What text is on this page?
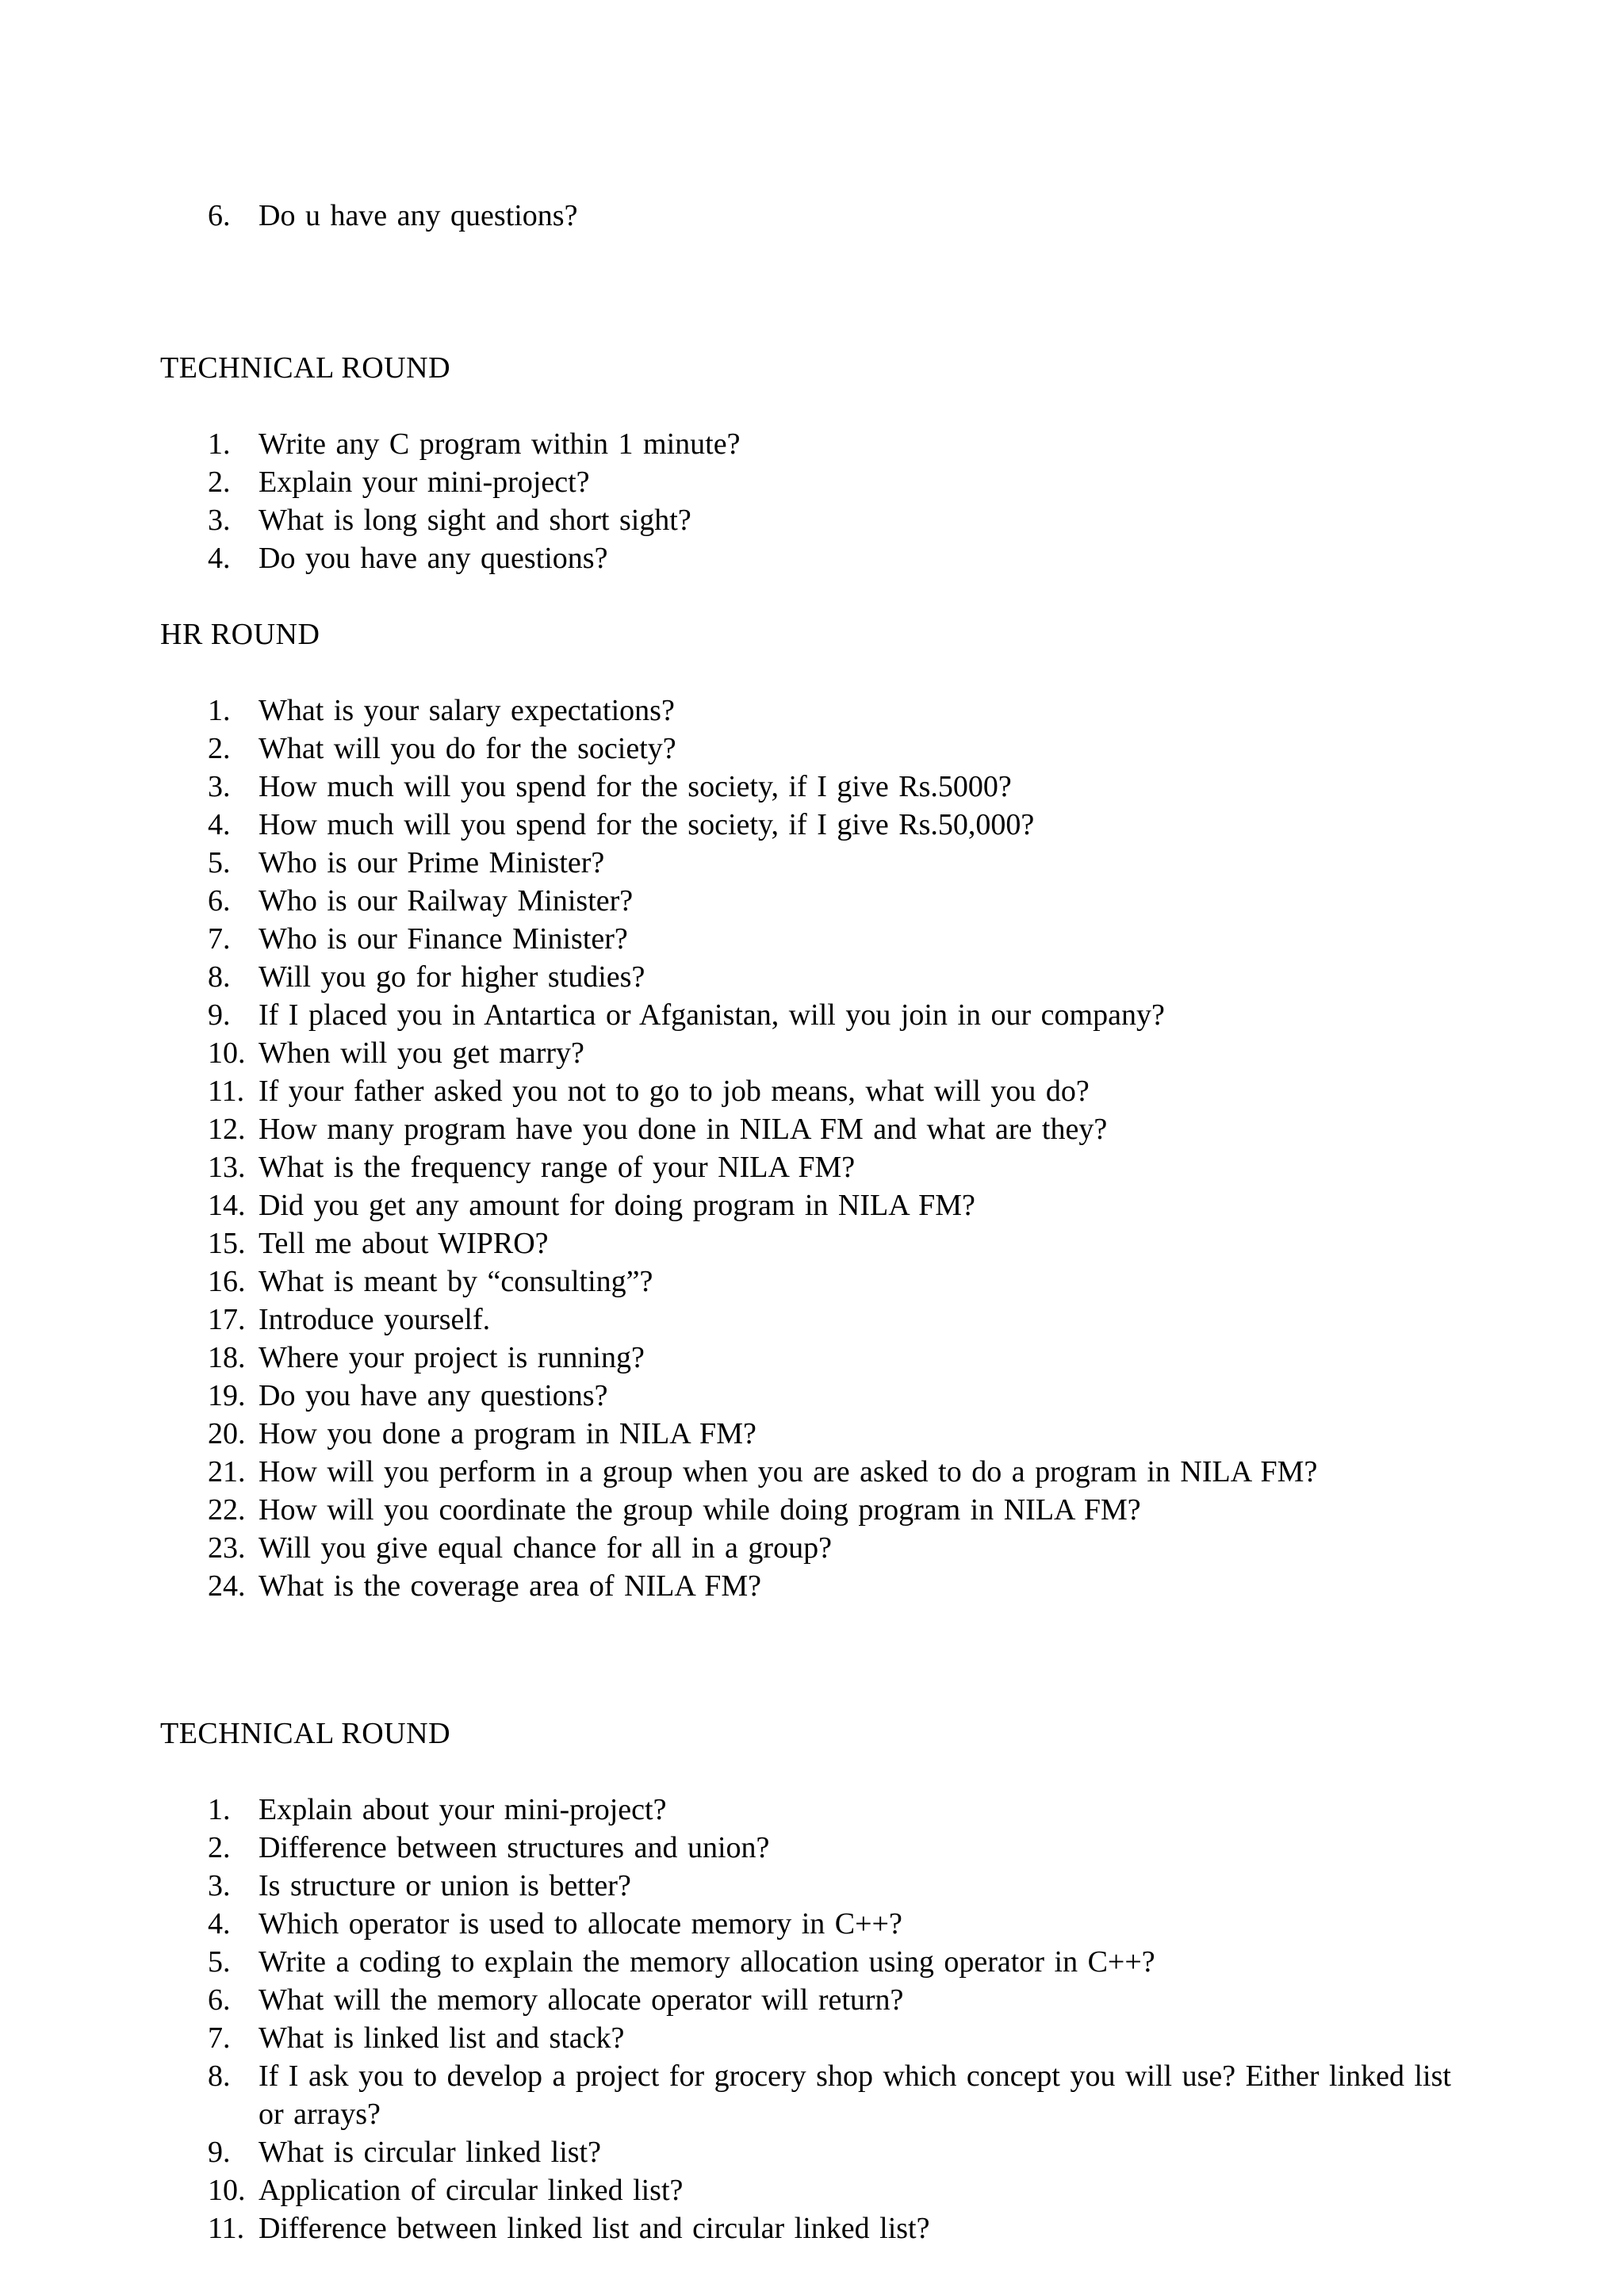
6. Do u have any questions?
TECHNICAL ROUND
1. Write any C program within 1 minute?
2. Explain your mini-project?
3. What is long sight and short sight?
4. Do you have any questions?
HR ROUND
1. What is your salary expectations?
2. What will you do for the society?
3. How much will you spend for the society, if I give Rs.5000?
4. How much will you spend for the society, if I give Rs.50,000?
5. Who is our Prime Minister?
6. Who is our Railway Minister?
7. Who is our Finance Minister?
8. Will you go for higher studies?
9. If I placed you in Antartica or Afganistan, will you join in our company?
10. When will you get marry?
11. If your father asked you not to go to job means, what will you do?
12. How many program have you done in NILA FM and what are they?
13. What is the frequency range of your NILA FM?
14. Did you get any amount for doing program in NILA FM?
15. Tell me about WIPRO?
16. What is meant by “consulting”?
17. Introduce yourself.
18. Where your project is running?
19. Do you have any questions?
20. How you done a program in NILA FM?
21. How will you perform in a group when you are asked to do a program in NILA FM?
22. How will you coordinate the group while doing program in NILA FM?
23. Will you give equal chance for all in a group?
24. What is the coverage area of NILA FM?
TECHNICAL ROUND
1. Explain about your mini-project?
2. Difference between structures and union?
3. Is structure or union is better?
4. Which operator is used to allocate memory in C++?
5. Write a coding to explain the memory allocation using operator in C++?
6. What will the memory allocate operator will return?
7. What is linked list and stack?
8. If I ask you to develop a project for grocery shop which concept you will use? Either linked list or arrays?
9. What is circular linked list?
10. Application of circular linked list?
11. Difference between linked list and circular linked list?
